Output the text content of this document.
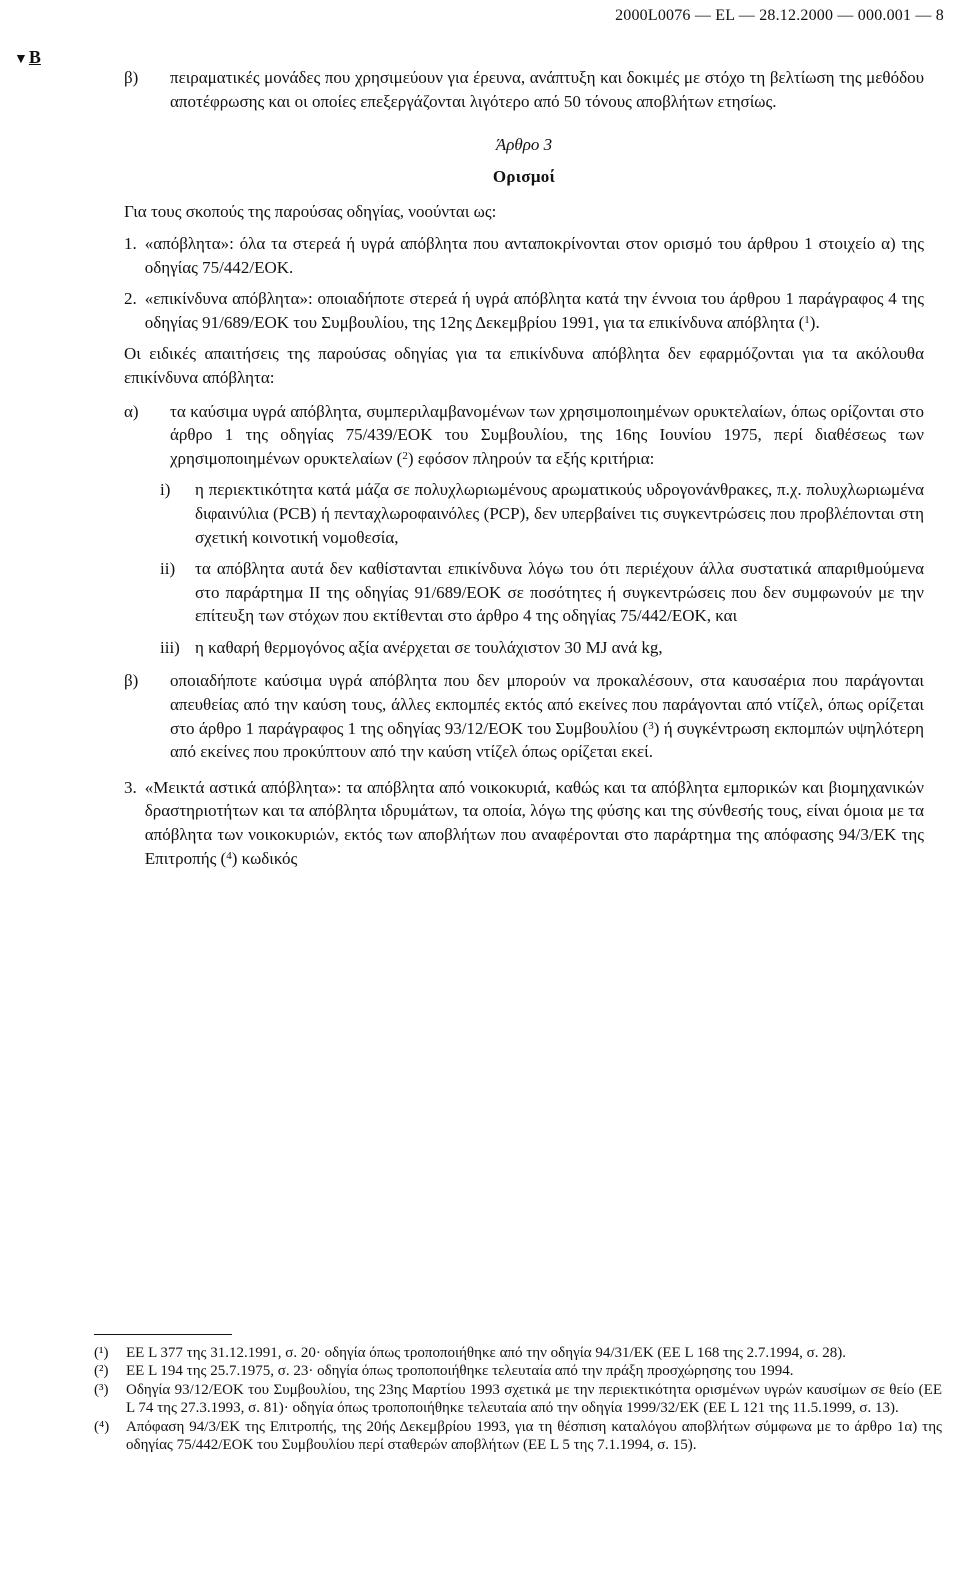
2000L0076 — EL — 28.12.2000 — 000.001 — 8
▼B
β)	πειραματικές μονάδες που χρησιμεύουν για έρευνα, ανάπτυξη και δοκιμές με στόχο τη βελτίωση της μεθόδου αποτέφρωσης και οι οποίες επεξεργάζονται λιγότερο από 50 τόνους αποβλήτων ετησίως.

Άρθρο 3

Ορισμοί

Για τους σκοπούς της παρούσας οδηγίας, νοούνται ως:

1. «απόβλητα»: όλα τα στερεά ή υγρά απόβλητα που ανταποκρίνονται στον ορισμό του άρθρου 1 στοιχείο α) της οδηγίας 75/442/ΕΟΚ.

2. «επικίνδυνα απόβλητα»: οποιαδήποτε στερεά ή υγρά απόβλητα κατά την έννοια του άρθρου 1 παράγραφος 4 της οδηγίας 91/689/ΕΟΚ του Συμβουλίου, της 12ης Δεκεμβρίου 1991, για τα επικίνδυνα απόβλητα ($^1$).

Οι ειδικές απαιτήσεις της παρούσας οδηγίας για τα επικίνδυνα απόβλητα δεν εφαρμόζονται για τα ακόλουθα επικίνδυνα απόβλητα:

α)	τα καύσιμα υγρά απόβλητα, συμπεριλαμβανομένων των χρησιμοποιημένων ορυκτελαίων, όπως ορίζονται στο άρθρο 1 της οδηγίας 75/439/ΕΟΚ του Συμβουλίου, της 16ης Ιουνίου 1975, περί διαθέσεως των χρησιμοποιημένων ορυκτελαίων ($^2$) εφόσον πληρούν τα εξής κριτήρια:

i)	η περιεκτικότητα κατά μάζα σε πολυχλωριωμένους αρωματικούς υδρογονάνθρακες, π.χ. πολυχλωριωμένα διφαινύλια (PCB) ή πενταχλωροφαινόλες (PCP), δεν υπερβαίνει τις συγκεντρώσεις που προβλέπονται στη σχετική κοινοτική νομοθεσία,

ii)	τα απόβλητα αυτά δεν καθίστανται επικίνδυνα λόγω του ότι περιέχουν άλλα συστατικά απαριθμούμενα στο παράρτημα ΙΙ της οδηγίας 91/689/ΕΟΚ σε ποσότητες ή συγκεντρώσεις που δεν συμφωνούν με την επίτευξη των στόχων που εκτίθενται στο άρθρο 4 της οδηγίας 75/442/ΕΟΚ, και

iii) η καθαρή θερμογόνος αξία ανέρχεται σε τουλάχιστον 30 MJ ανά kg,

β)	οποιαδήποτε καύσιμα υγρά απόβλητα που δεν μπορούν να προκαλέσουν, στα καυσαέρια που παράγονται απευθείας από την καύση τους, άλλες εκπομπές εκτός από εκείνες που παράγονται από ντίζελ, όπως ορίζεται στο άρθρο 1 παράγραφος 1 της οδηγίας 93/12/ΕΟΚ του Συμβουλίου ($^3$) ή συγκέντρωση εκπομπών υψηλότερη από εκείνες που προκύπτουν από την καύση ντίζελ όπως ορίζεται εκεί.

3. «Μεικτά αστικά απόβλητα»: τα απόβλητα από νοικοκυριά, καθώς και τα απόβλητα εμπορικών και βιομηχανικών δραστηριοτήτων και τα απόβλητα ιδρυμάτων, τα οποία, λόγω της φύσης και της σύνθεσής τους, είναι όμοια με τα απόβλητα των νοικοκυριών, εκτός των αποβλήτων που αναφέρονται στο παράρτημα της απόφασης 94/3/ΕΚ της Επιτροπής ($^4$) κωδικός

(¹)	ΕΕ L 377 της 31.12.1991, σ. 20· οδηγία όπως τροποποιήθηκε από την οδηγία 94/31/ΕΚ (ΕΕ L 168 της 2.7.1994, σ. 28).

(²)	ΕΕ L 194 της 25.7.1975, σ. 23· οδηγία όπως τροποποιήθηκε τελευταία από την πράξη προσχώρησης του 1994.

(³)	Οδηγία 93/12/ΕΟΚ του Συμβουλίου, της 23ης Μαρτίου 1993 σχετικά με την περιεκτικότητα ορισμένων υγρών καυσίμων σε θείο (ΕΕ L 74 της 27.3.1993, σ. 81)· οδηγία όπως τροποποιήθηκε τελευταία από την οδηγία 1999/32/ΕΚ (ΕΕ L 121 της 11.5.1999, σ. 13).

(⁴)	Απόφαση 94/3/ΕΚ της Επιτροπής, της 20ής Δεκεμβρίου 1993, για τη θέσπιση καταλόγου αποβλήτων σύμφωνα με το άρθρο 1α) της οδηγίας 75/442/ΕΟΚ του Συμβουλίου περί σταθερών αποβλήτων (ΕΕ L 5 της 7.1.1994, σ. 15).
